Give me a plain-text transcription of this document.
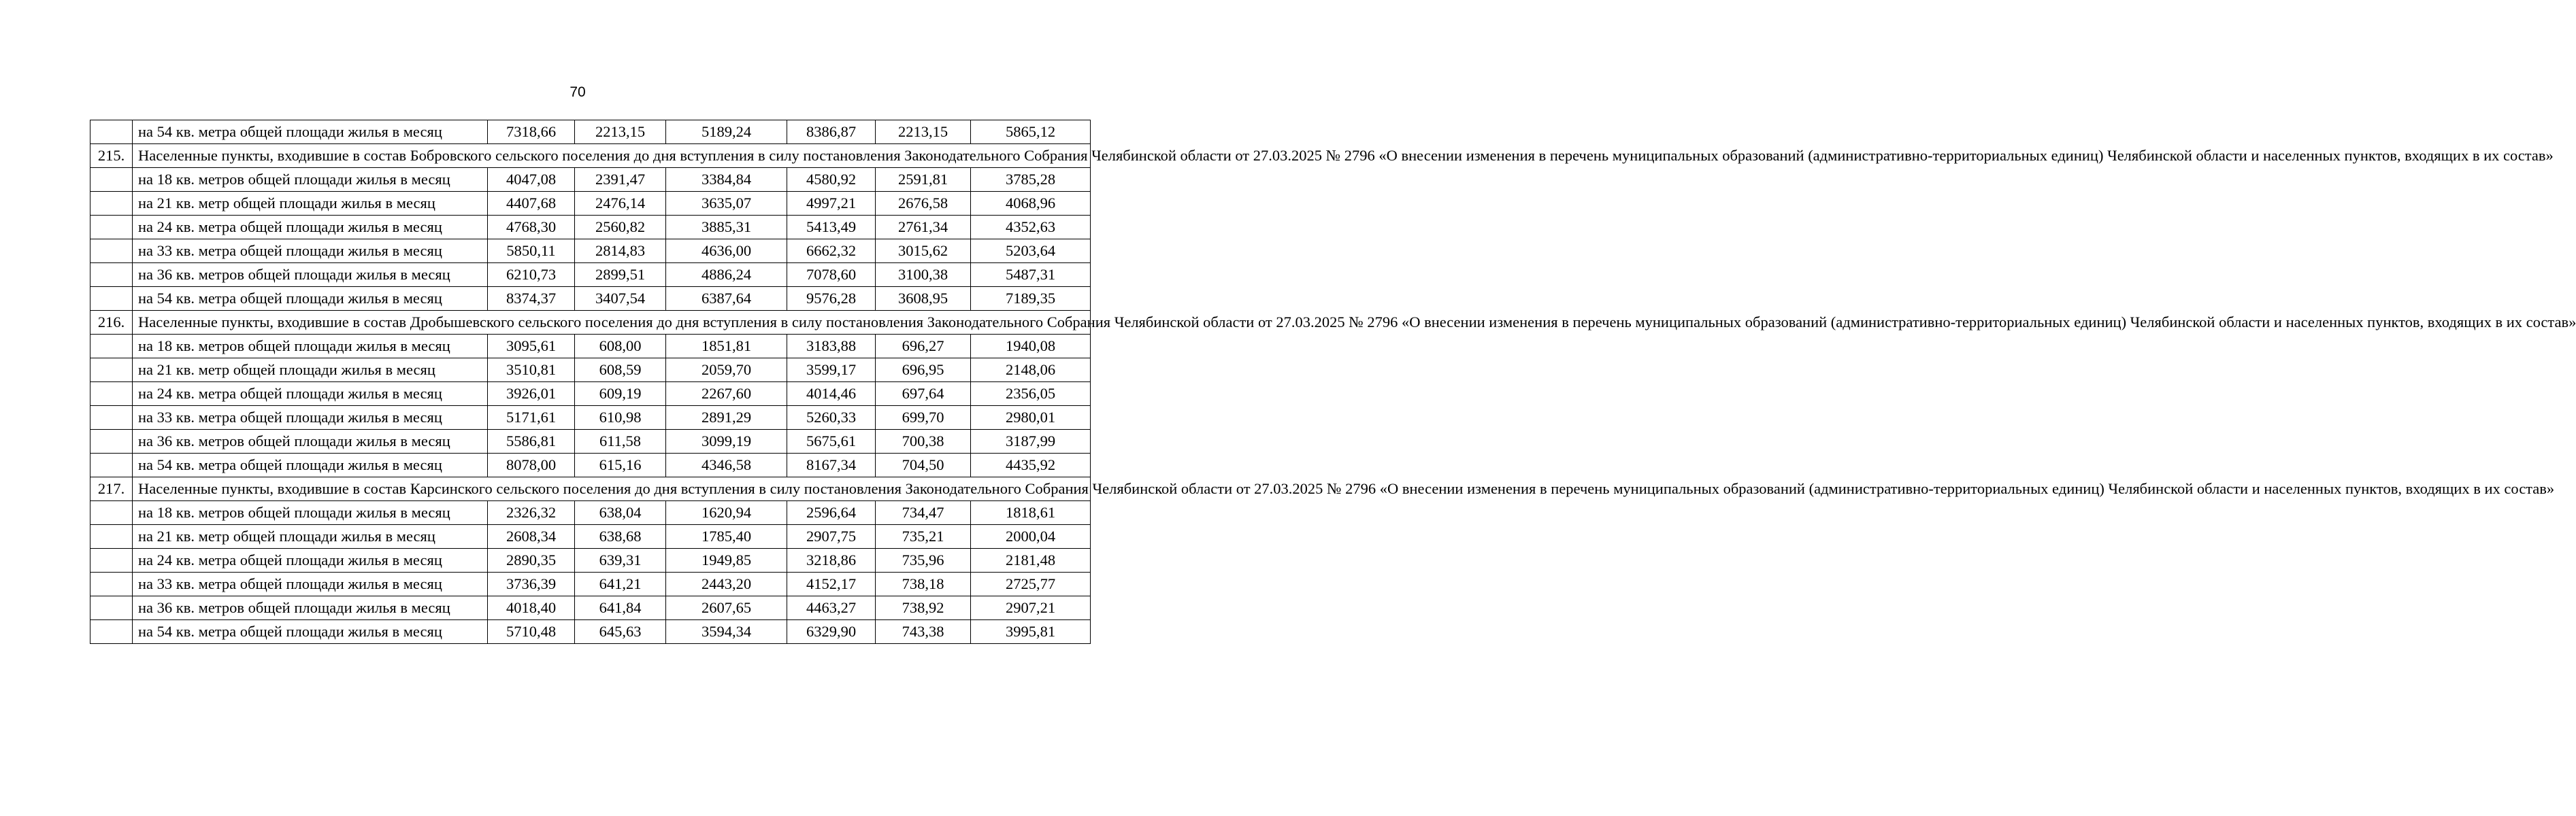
70
	на 54 кв. метра общей площади жилья в месяц	7318,66	2213,15	5189,24	8386,87	2213,15	5865,12
215.	Населенные пункты, входившие в состав Бобровского сельского поселения до дня вступления в силу постановления Законодательного Собрания Челябинской области от 27.03.2025 № 2796 «О внесении изменения в перечень муниципальных образований (административно-территориальных единиц) Челябинской области и населенных пунктов, входящих в их состав»						
	на 18 кв. метров общей площади жилья в месяц	4047,08	2391,47	3384,84	4580,92	2591,81	3785,28
	на 21 кв. метр общей площади жилья в месяц	4407,68	2476,14	3635,07	4997,21	2676,58	4068,96
	на 24 кв. метра общей площади жилья в месяц	4768,30	2560,82	3885,31	5413,49	2761,34	4352,63
	на 33 кв. метра общей площади жилья в месяц	5850,11	2814,83	4636,00	6662,32	3015,62	5203,64
	на 36 кв. метров общей площади жилья в месяц	6210,73	2899,51	4886,24	7078,60	3100,38	5487,31
	на 54 кв. метра общей площади жилья в месяц	8374,37	3407,54	6387,64	9576,28	3608,95	7189,35
216.	Населенные пункты, входившие в состав Дробышевского сельского поселения до дня вступления в силу постановления Законодательного Собрания Челябинской области от 27.03.2025 № 2796 «О внесении изменения в перечень муниципальных образований (административно-территориальных единиц) Челябинской области и населенных пунктов, входящих в их состав»						
	на 18 кв. метров общей площади жилья в месяц	3095,61	608,00	1851,81	3183,88	696,27	1940,08
	на 21 кв. метр общей площади жилья в месяц	3510,81	608,59	2059,70	3599,17	696,95	2148,06
	на 24 кв. метра общей площади жилья в месяц	3926,01	609,19	2267,60	4014,46	697,64	2356,05
	на 33 кв. метра общей площади жилья в месяц	5171,61	610,98	2891,29	5260,33	699,70	2980,01
	на 36 кв. метров общей площади жилья в месяц	5586,81	611,58	3099,19	5675,61	700,38	3187,99
	на 54 кв. метра общей площади жилья в месяц	8078,00	615,16	4346,58	8167,34	704,50	4435,92
217.	Населенные пункты, входившие в состав Карсинского сельского поселения до дня вступления в силу постановления Законодательного Собрания Челябинской области от 27.03.2025 № 2796 «О внесении изменения в перечень муниципальных образований (административно-территориальных единиц) Челябинской области и населенных пунктов, входящих в их состав»						
	на 18 кв. метров общей площади жилья в месяц	2326,32	638,04	1620,94	2596,64	734,47	1818,61
	на 21 кв. метр общей площади жилья в месяц	2608,34	638,68	1785,40	2907,75	735,21	2000,04
	на 24 кв. метра общей площади жилья в месяц	2890,35	639,31	1949,85	3218,86	735,96	2181,48
	на 33 кв. метра общей площади жилья в месяц	3736,39	641,21	2443,20	4152,17	738,18	2725,77
	на 36 кв. метров общей площади жилья в месяц	4018,40	641,84	2607,65	4463,27	738,92	2907,21
	на 54 кв. метра общей площади жилья в месяц	5710,48	645,63	3594,34	6329,90	743,38	3995,81
